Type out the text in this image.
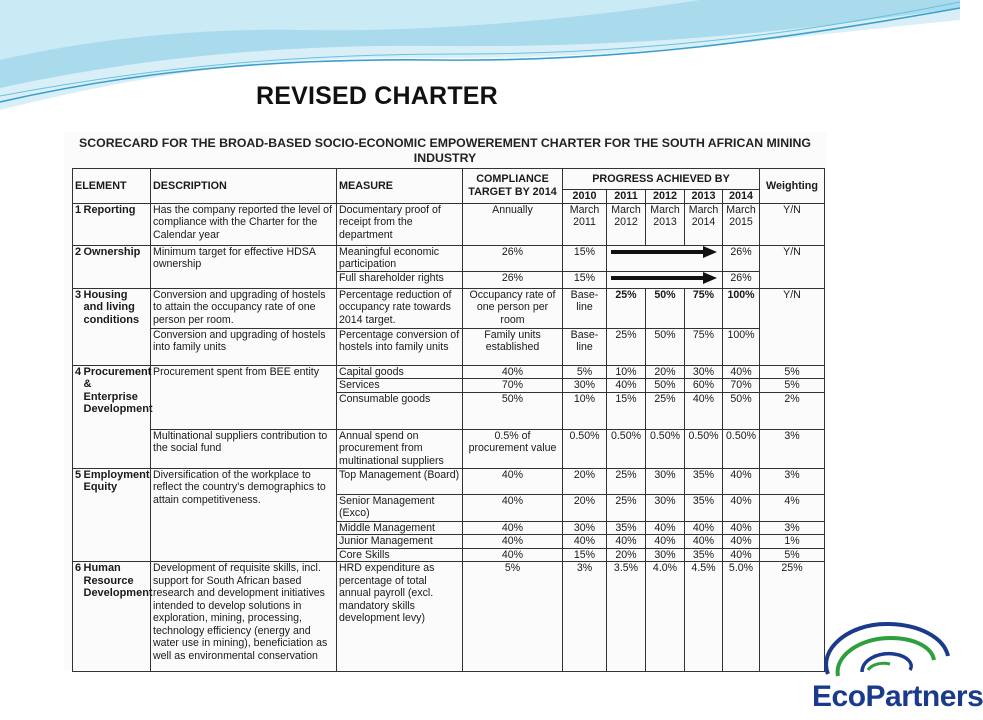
REVISED CHARTER
SCORECARD FOR THE BROAD-BASED SOCIO-ECONOMIC EMPOWEREMENT CHARTER FOR THE SOUTH AFRICAN MINING INDUSTRY
ELEMENT		DESCRIPTION	MEASURE	COMPLIANCE TARGET BY 2014	PROGRESS ACHIEVED BY					Weighting
					2010	2011	2012	2013	2014	
1	Reporting	Has the company reported the level of compliance with the Charter for the Calendar year	Documentary proof of receipt from the department	Annually	March 2011	March 2012	March 2013	March 2014	March 2015	Y/N
2	Ownership	Minimum target for effective HDSA ownership	Meaningful economic participation	26%	15%				26%	Y/N
			Full shareholder rights	26%	15%				26%	
3	Housing and living conditions	Conversion and upgrading of hostels to attain the occupancy rate of one person per room.	Percentage reduction of occupancy rate towards 2014 target.	Occupancy rate of one person per room	Base-line	25%	50%	75%	100%	Y/N
		Conversion and upgrading of hostels into family units	Percentage conversion of hostels into family units	Family units established	Base-line	25%	50%	75%	100%	
4	Procurement & Enterprise Development	Procurement spent from BEE entity	Capital goods	40%	5%	10%	20%	30%	40%	5%
			Services	70%	30%	40%	50%	60%	70%	5%
			Consumable goods	50%	10%	15%	25%	40%	50%	2%
		Multinational suppliers contribution to the social fund	Annual spend on procurement from multinational suppliers	0.5% of procurement value	0.50%	0.50%	0.50%	0.50%	0.50%	3%
5	Employment Equity	Diversification of the workplace to reflect the country's demographics to attain competitiveness.	Top Management (Board)	40%	20%	25%	30%	35%	40%	3%
			Senior Management (Exco)	40%	20%	25%	30%	35%	40%	4%
			Middle Management	40%	30%	35%	40%	40%	40%	3%
			Junior Management	40%	40%	40%	40%	40%	40%	1%
			Core Skills	40%	15%	20%	30%	35%	40%	5%
6	Human Resource Development	Development of requisite skills, incl. support for South African based research and development initiatives intended to develop solutions in exploration, mining, processing, technology efficiency (energy and water use in mining), beneficiation as well as environmental conservation	HRD expenditure as percentage of total annual payroll (excl. mandatory skills development levy)	5%	3%	3.5%	4.0%	4.5%	5.0%	25%
EcoPartners
